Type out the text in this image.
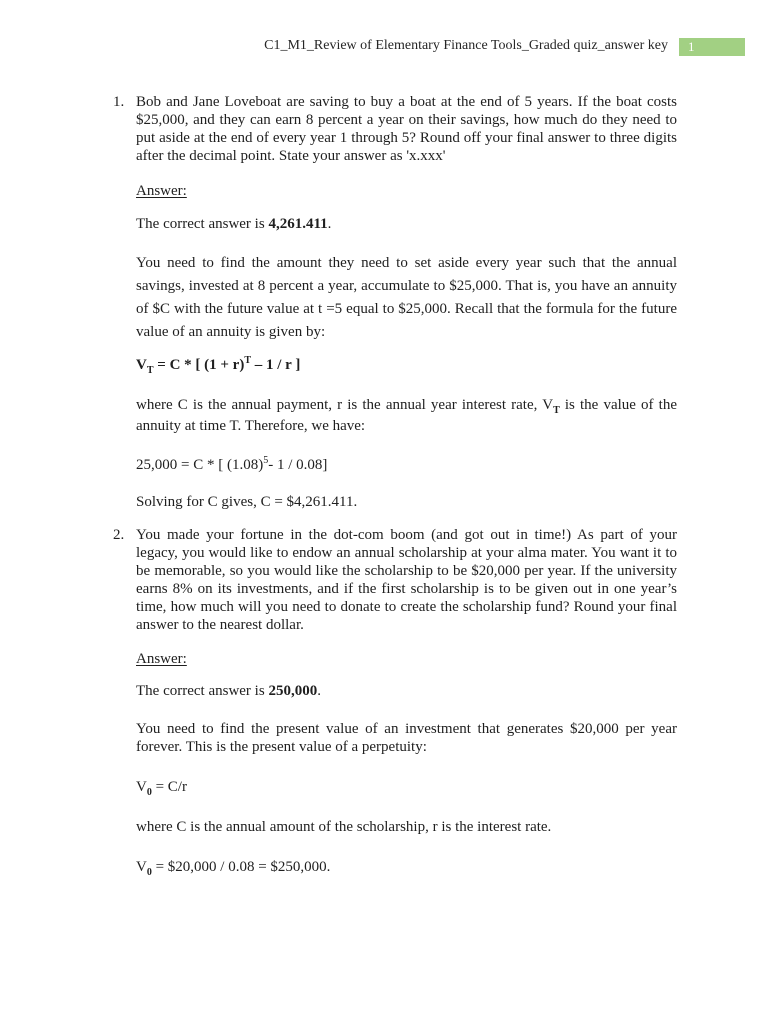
C1_M1_Review of Elementary Finance Tools_Graded quiz_answer key	1
1. Bob and Jane Loveboat are saving to buy a boat at the end of 5 years. If the boat costs
$25,000, and they can earn 8 percent a year on their savings, how much do they need to
put aside at the end of every year 1 through 5? Round off your final answer to three digits
after the decimal point. State your answer as 'x.xxx'
Answer:
The correct answer is 4,261.411.
You need to find the amount they need to set aside every year such that the annual
savings, invested at 8 percent a year, accumulate to $25,000. That is, you have an annuity
of $C with the future value at t =5 equal to $25,000. Recall that the formula for the future
value of an annuity is given by:
$V_T = C$ * [ $(1 + r)^T - 1 / r$ ]
where C is the annual payment, r is the annual year interest rate, $V_T$ is the value of the
annuity at time T. Therefore, we have:
25,000 = C * [ $(1.08)^5-$ 1 / 0.08]
Solving for C gives, C = $4,261.411.
2. You made your fortune in the dot-com boom (and got out in time!) As part of your
legacy, you would like to endow an annual scholarship at your alma mater. You want it to
be memorable, so you would like the scholarship to be $20,000 per year. If the university
earns 8% on its investments, and if the first scholarship is to be given out in one year’s
time, how much will you need to donate to create the scholarship fund? Round your final
answer to the nearest dollar.
Answer:
The correct answer is 250,000.
You need to find the present value of an investment that generates $20,000 per year
forever. This is the present value of a perpetuity:
$V_0 = C/r$
where C is the annual amount of the scholarship, r is the interest rate.
$V_0$ = $20,000 / 0.08 = $250,000.
